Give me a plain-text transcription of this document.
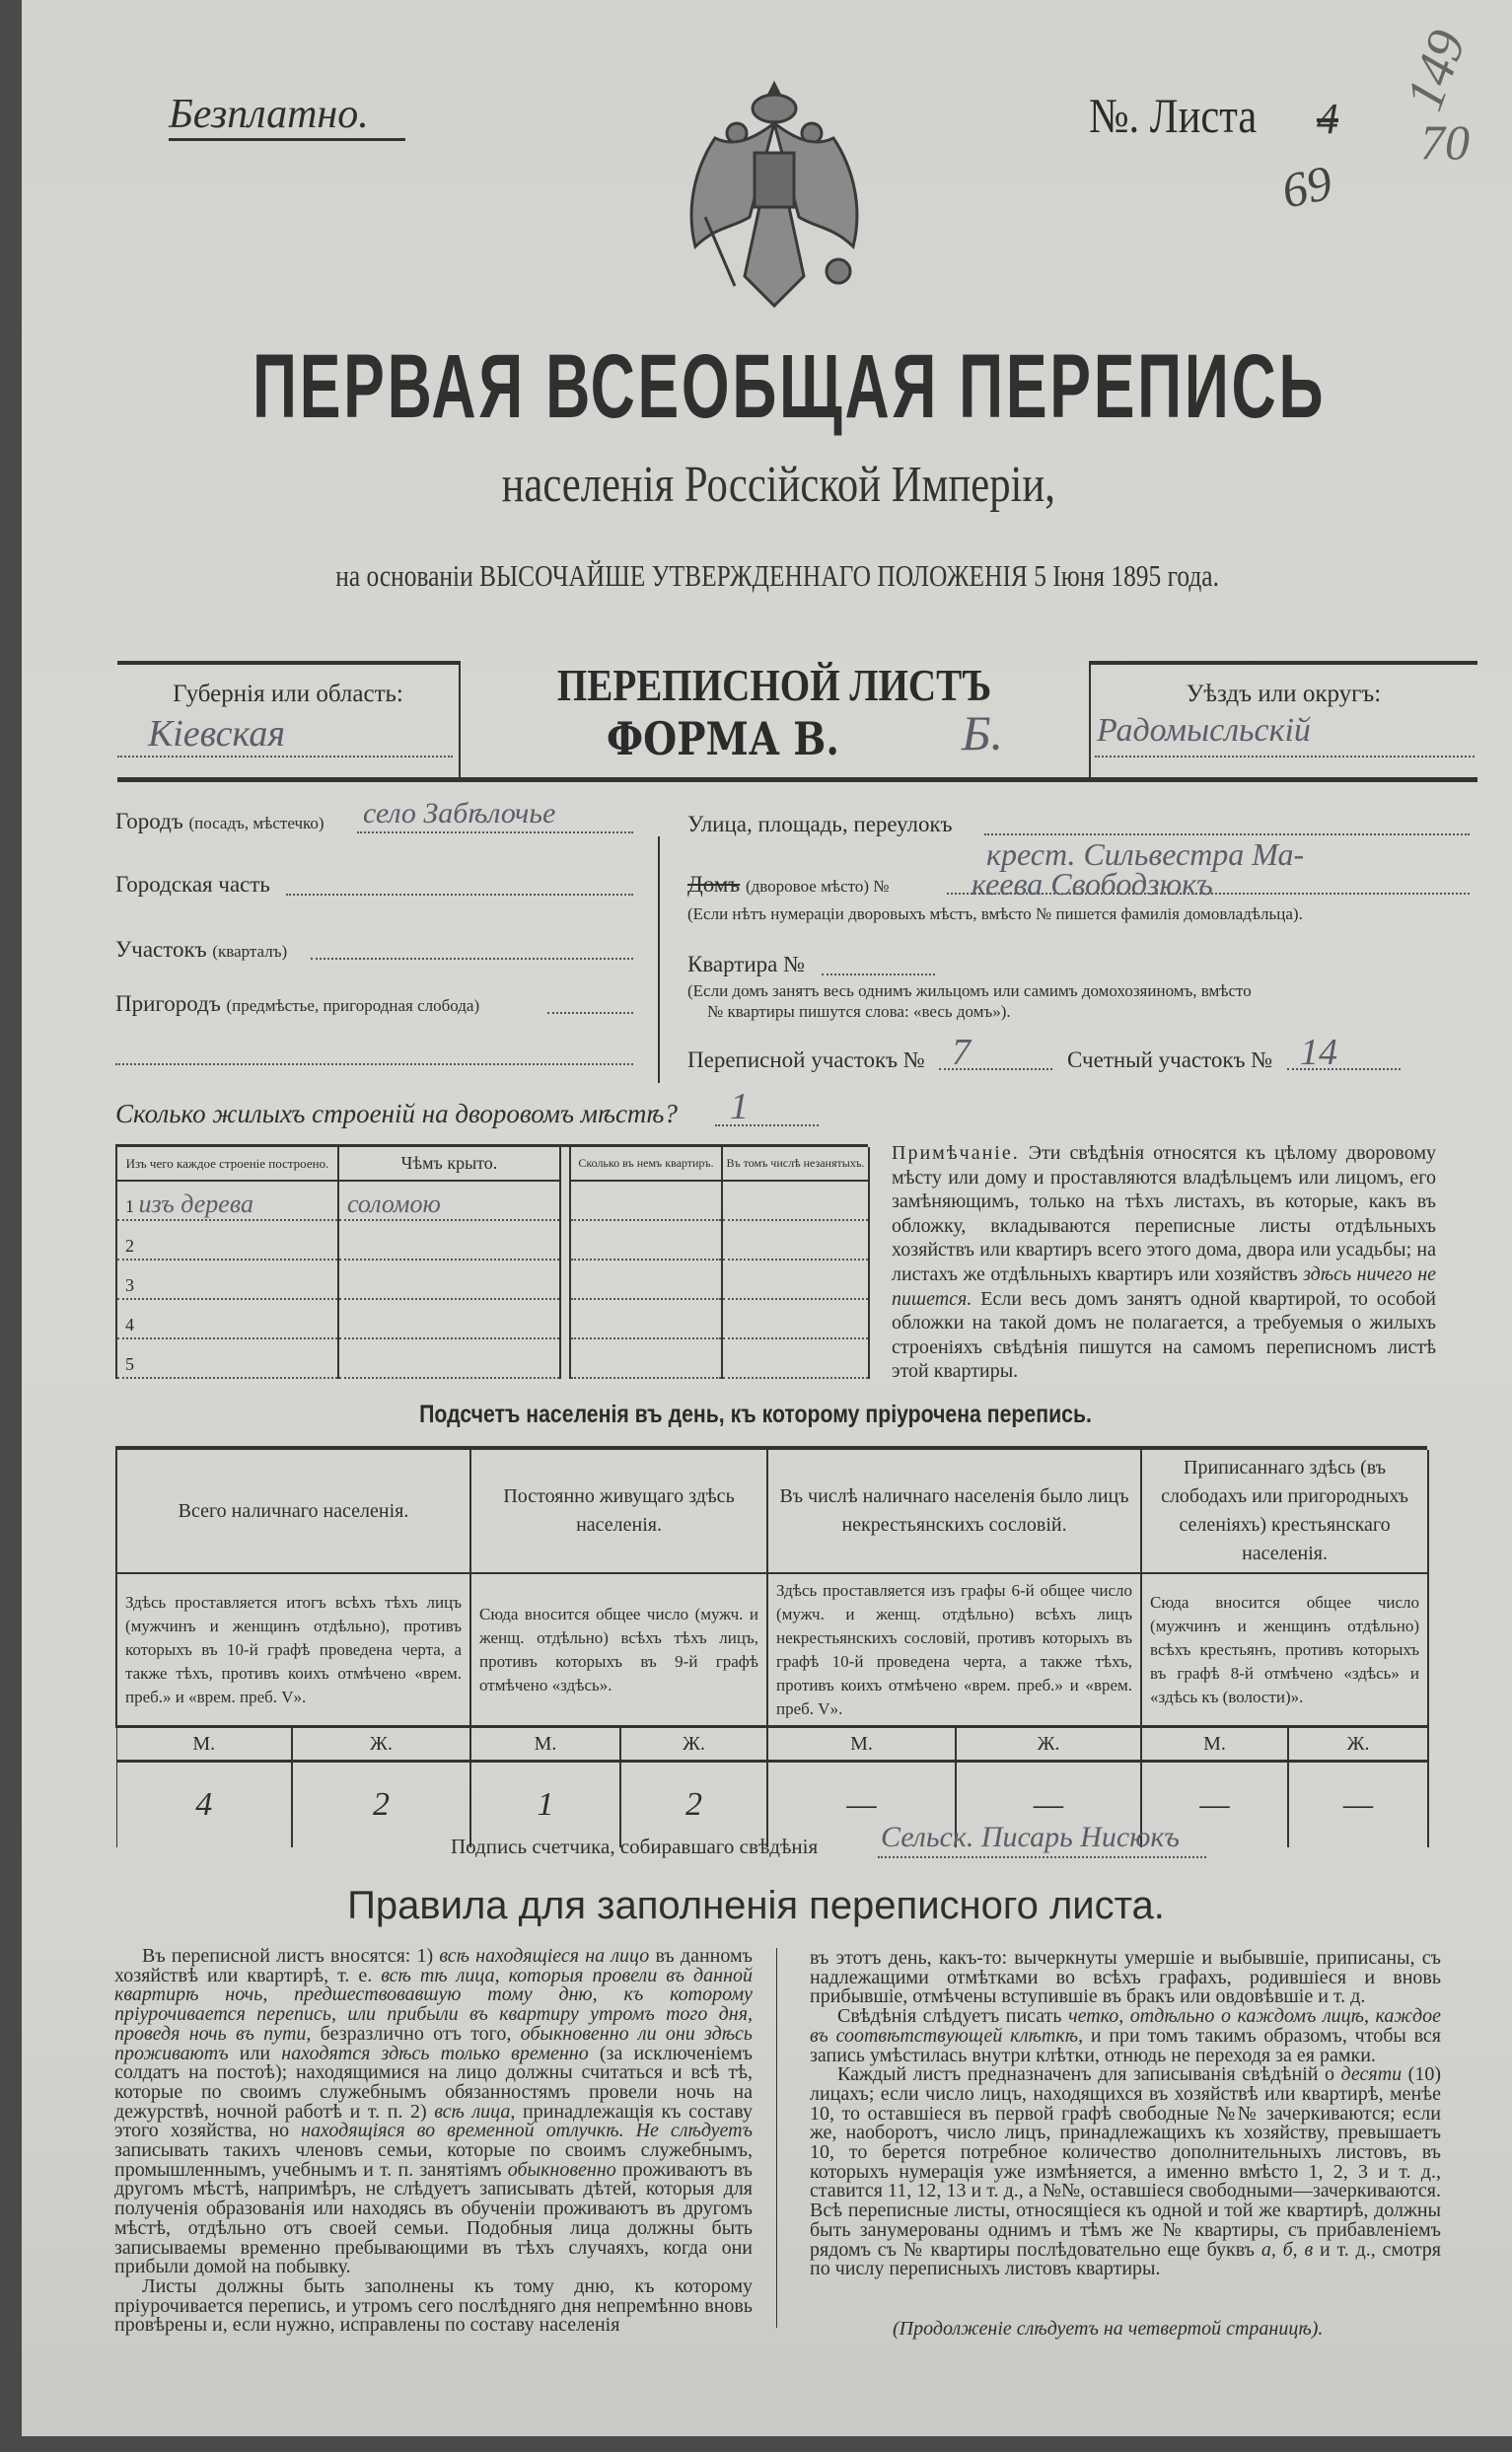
Безплатно.	№. Листа	4
69
149
70
ПЕРВАЯ ВСЕОБЩАЯ ПЕРЕПИСЬ
населенія Россійской Имперіи,
на основаніи ВЫСОЧАЙШЕ УТВЕРЖДЕННАГО ПОЛОЖЕНІЯ 5 Іюня 1895 года.
Губернія или область:
Кіевская
ПЕРЕПИСНОЙ ЛИСТЪ
ФОРМА В.	Б.
Уѣздъ или округъ:
Радомысльскій
Городъ (посадъ, мѣстечко) село Забѣлочье
Городская часть
Участокъ (кварталъ)
Пригородъ (предмѣстье, пригородная слобода)
Улица, площадь, переулокъ
крест. Сильвестра Ма-
Домъ (дворовое мѣсто) №	кеева Свободзюкъ
(Если нѣтъ нумераціи дворовыхъ мѣстъ, вмѣсто № пишется фамилія домовладѣльца).
Квартира №
(Если домъ занятъ весь однимъ жильцомъ или самимъ домохозяиномъ, вмѣсто
№ квартиры пишутся слова: «весь домъ»).
Переписной участокъ № 7	Счетный участокъ № 14
Сколько жилыхъ строеній на дворовомъ мѣстѣ? 1
Изъ чего каждое строеніе построено.	Чѣмъ крыто.		Сколько въ немъ квартиръ.	Въ томъ числѣ незанятыхъ.
1 изъ дерева	соломою			
2				
3				
4				
5				
Примѣчаніе. Эти свѣдѣнія относятся къ цѣлому дворовому мѣсту или дому и проставляются владѣльцемъ или лицомъ, его замѣняющимъ, только на тѣхъ листахъ, въ которые, какъ въ обложку, вкладываются переписные листы отдѣльныхъ хозяйствъ или квартиръ всего этого дома, двора или усадьбы; на листахъ же отдѣльныхъ квартиръ или хозяйствъ здѣсь ничего не пишется. Если весь домъ занятъ одной квартирой, то особой обложки на такой домъ не полагается, а требуемыя о жилыхъ строеніяхъ свѣдѣнія пишутся на самомъ переписномъ листѣ этой квартиры.
Подсчетъ населенія въ день, къ которому пріурочена перепись.
Всего наличнаго населенія.		Постоянно живущаго здѣсь населенія.		Въ числѣ наличнаго населенія было лицъ некрестьянскихъ сословій.		Приписаннаго здѣсь (въ слободахъ или пригородныхъ селеніяхъ) крестьянскаго населенія.	
Здѣсь проставляется итогъ всѣхъ тѣхъ лицъ (мужчинъ и женщинъ отдѣльно), противъ которыхъ въ 10-й графѣ проведена черта, а также тѣхъ, противъ коихъ отмѣчено «врем. преб.» и «врем. преб. V».		Сюда вносится общее число (мужч. и женщ. отдѣльно) всѣхъ тѣхъ лицъ, противъ которыхъ въ 9-й графѣ отмѣчено «здѣсь».		Здѣсь проставляется изъ графы 6-й общее число (мужч. и женщ. отдѣльно) всѣхъ лицъ некрестьянскихъ сословій, противъ которыхъ въ графѣ 10-й проведена черта, а также тѣхъ, противъ коихъ отмѣчено «врем. преб.» и «врем. преб. V».		Сюда вносится общее число (мужчинъ и женщинъ отдѣльно) всѣхъ крестьянъ, противъ которыхъ въ графѣ 8-й отмѣчено «здѣсь» и «здѣсь къ (волости)».	
М.	Ж.	М.	Ж.	М.	Ж.	М.	Ж.
4	2	1	2	—	—	—	—
Подпись счетчика, собиравшаго свѣдѣнія Сельск. Писарь Нисюкъ
Правила для заполненія переписного листа.

Въ переписной листъ вносятся: 1) всѣ находящіеся на лицо въ данномъ хозяйствѣ или квартирѣ, т. е. всѣ тѣ лица, которыя провели въ данной квартирѣ ночь, предшествовавшую тому дню, къ которому пріурочивается перепись, или прибыли въ квартиру утромъ того дня, проведя ночь въ пути, безразлично отъ того, обыкновенно ли они здѣсь проживаютъ или находятся здѣсь только временно (за исключеніемъ солдатъ на постоѣ); находящимися на лицо должны считаться и всѣ тѣ, которые по своимъ служебнымъ обязанностямъ провели ночь на дежурствѣ, ночной работѣ и т. п. 2) всѣ лица, принадлежащія къ составу этого хозяйства, но находящіяся во временной отлучкѣ. Не слѣдуетъ записывать такихъ членовъ семьи, которые по своимъ служебнымъ, промышленнымъ, учебнымъ и т. п. занятіямъ обыкновенно проживаютъ въ другомъ мѣстѣ, напримѣръ, не слѣдуетъ записывать дѣтей, которыя для полученія образованія или находясь въ обученіи проживаютъ въ другомъ мѣстѣ, отдѣльно отъ своей семьи. Подобныя лица должны быть записываемы временно пребывающими въ тѣхъ случаяхъ, когда они прибыли домой на побывку.

Листы должны быть заполнены къ тому дню, къ которому пріурочивается перепись, и утромъ сего послѣдняго дня непремѣнно вновь провѣрены и, если нужно, исправлены по составу населенія

въ этотъ день, какъ-то: вычеркнуты умершіе и выбывшіе, приписаны, съ надлежащими отмѣтками во всѣхъ графахъ, родившіеся и вновь прибывшіе, отмѣчены вступившіе въ бракъ или овдовѣвшіе и т. д.

Свѣдѣнія слѣдуетъ писать четко, отдѣльно о каждомъ лицѣ, каждое въ соотвѣтствующей клѣткѣ, и при томъ такимъ образомъ, чтобы вся запись умѣстилась внутри клѣтки, отнюдь не переходя за ея рамки.

Каждый листъ предназначенъ для записыванія свѣдѣній о десяти (10) лицахъ; если число лицъ, находящихся въ хозяйствѣ или квартирѣ, менѣе 10, то оставшіеся въ первой графѣ свободные №№ зачеркиваются; если же, наоборотъ, число лицъ, принадлежащихъ къ хозяйству, превышаетъ 10, то берется потребное количество дополнительныхъ листовъ, въ которыхъ нумерація уже измѣняется, а именно вмѣсто 1, 2, 3 и т. д., ставится 11, 12, 13 и т. д., а №№, оставшіеся свободными—зачеркиваются. Всѣ переписные листы, относящіеся къ одной и той же квартирѣ, должны быть занумерованы однимъ и тѣмъ же № квартиры, съ прибавленіемъ рядомъ съ № квартиры послѣдовательно еще буквъ а, б, в и т. д., смотря по числу переписныхъ листовъ квартиры.

(Продолженіе слѣдуетъ на четвертой страницѣ).
